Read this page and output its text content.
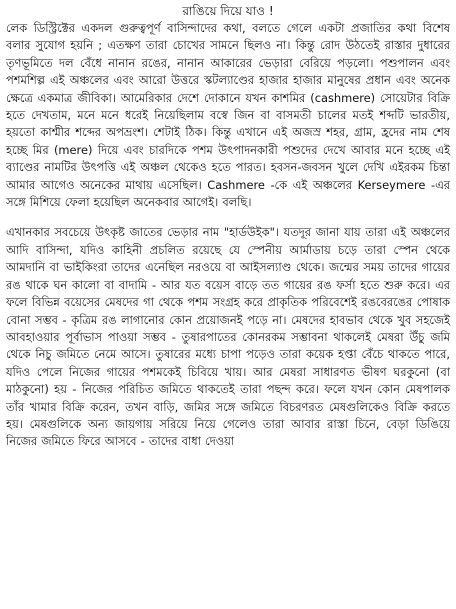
রাঙিয়ে দিয়ে যাও !

লেক ডিস্ট্রিক্টের একদল গুরুত্বপূর্ণ বাসিন্দাদের কথা, বলতে গেলে একটা প্রজাতির কথা বিশেষ বলার সুযোগ হয়নি ; এতক্ষণ তারা চোখের সামনে ছিলও না। কিন্তু রোদ উঠতেই রাস্তার দুধারের তৃণভূমিতে দল বেঁধে নানান রঙের, নানান আকারের ভেড়ারা বেরিয়ে পড়লো। পশুপালন এবং পশমশিল্প এই অঞ্চলের এবং আরো উত্তরে স্কটল্যাণ্ডের হাজার হাজার মানুষের প্রধান এবং অনেক ক্ষেত্রে একমাত্র জীবিকা। আমেরিকার দেশে দোকানে যখন কাশমির (cashmere) সোয়েটার বিক্রি হতে দেখতাম, মনে মনে ধরেই নিয়েছিলাম বস্বে জিন বা বাসমতী চালের মতই শব্দটি ভারতীয়, হয়তো কাশ্মীর শব্দের অপভ্রংশ। শেটাই ঠিক। কিন্তু এখানে এই অজস্র শহর, গ্রাম, হ্রদের নাম শেষ হচ্ছে মির (mere) দিয়ে এবং চারদিকে পশম উৎপাদনকারী পশুদের দেখে আবার মনে হচ্ছে এই ব্যাণ্ডের নামটির উৎপত্তি এই অঞ্চল থেকেও হতে পারত। হবসন-জবসন খুলে দেখি এইরকম চিন্তা আমার আগেও অনেকের মাথায় এসেছিল। Cashmere -কে এই অঞ্চলের Kerseymere -এর সঙ্গে মিশিয়ে ফেলা হয়েছিল অনেকবার আগেই। বলছি।

এখানকার সবচেয়ে উৎকৃষ্ট জাতের ভেড়ার নাম "হার্ডউইক"। যতদূর জানা যায় তারা এই অঞ্চলের আদি বাসিন্দা, যদিও কাহিনী প্রচলিত রয়েছে যে স্পেনীয় আর্মাডায় চড়ে তারা স্পেন থেকে আমদানি বা ভাইকিংরা তাদের এনেছিল নরওয়ে বা আইসল্যাণ্ড থেকে। জন্মের সময় তাদের গায়ের রঙ থাকে ঘন কালো বা বাদামি - আর যত বয়েস বাড়ে তত গায়ের রঙ ফর্সা হতে শুরু করে। এর ফলে বিভিন্ন বয়েসের মেষদের গা থেকে পশম সংগ্রহ করে প্রাকৃতিক পরিবেশেই রঙবেরঙের পোষাক বোনা সম্ভব - কৃত্রিম রঙ লাগানোর কোন প্রয়োজনই পড়ে না। মেষদের হাবভাব থেকে খুব সহজেই আবহাওয়ার পূর্বাভাস পাওয়া সম্ভব - তুষারপাতের কোনরকম সম্ভাবনা থাকলেই মেষরা উঁচু জমি থেকে নিচু জমিতে নেমে আসে। তুষারের মধ্যে চাপা পড়েও তারা কয়েক হপ্তা বেঁচে থাকতে পারে, যদিও পেলে নিজের গায়ের পশমকেই চিবিয়ে খায়। আর মেষরা সাধারণত ভীষণ ঘরকুনো (বা মাঠকুনো) হয় - নিজের পরিচিত জমিতে থাকতেই তারা পছন্দ করে। ফলে যখন কোন মেষপালক তাঁর খামার বিক্রি করেন, তখন বাড়ি, জমির সঙ্গে জমিতে বিচরণরত মেষগুলিকেও বিক্রি করতে হয়। মেষগুলিকে অন্য জায়গায় সরিয়ে নিয়ে গেলেও তারা আবার রাস্তা চিনে, বেড়া ডিঙিয়ে নিজের জমিতে ফিরে আসবে - তাদের বাধা দেওয়া
